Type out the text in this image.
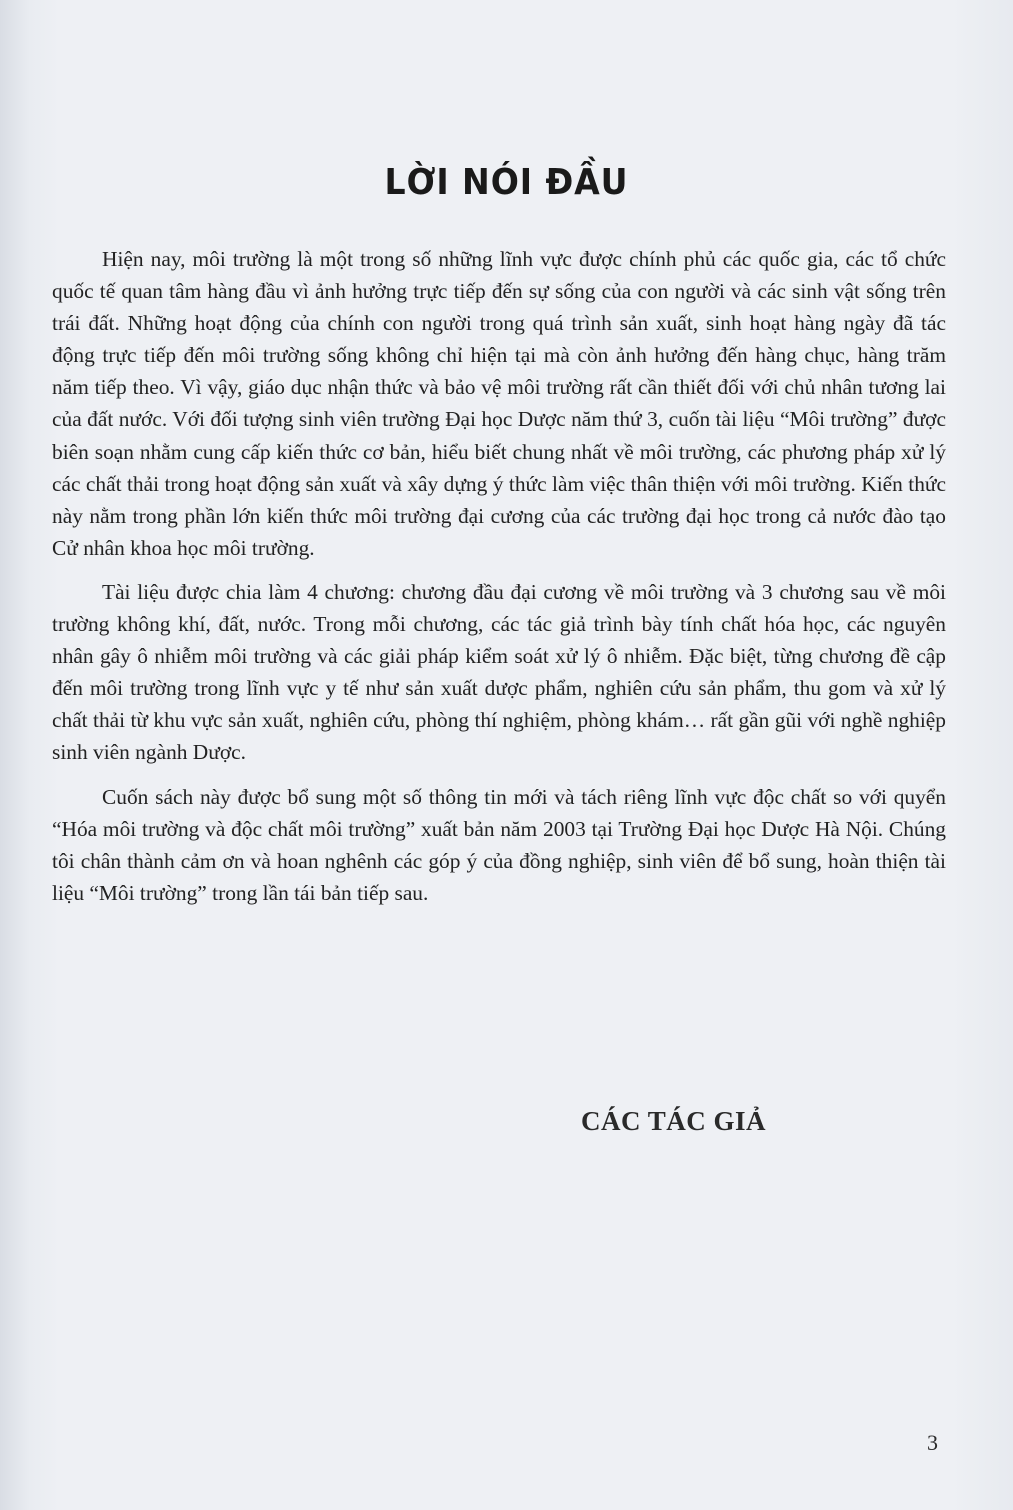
LỜI NÓI ĐẦU

Hiện nay, môi trường là một trong số những lĩnh vực được chính phủ các quốc gia, các tổ chức quốc tế quan tâm hàng đầu vì ảnh hưởng trực tiếp đến sự sống của con người và các sinh vật sống trên trái đất. Những hoạt động của chính con người trong quá trình sản xuất, sinh hoạt hàng ngày đã tác động trực tiếp đến môi trường sống không chỉ hiện tại mà còn ảnh hưởng đến hàng chục, hàng trăm năm tiếp theo. Vì vậy, giáo dục nhận thức và bảo vệ môi trường rất cần thiết đối với chủ nhân tương lai của đất nước. Với đối tượng sinh viên trường Đại học Dược năm thứ 3, cuốn tài liệu “Môi trường” được biên soạn nhằm cung cấp kiến thức cơ bản, hiểu biết chung nhất về môi trường, các phương pháp xử lý các chất thải trong hoạt động sản xuất và xây dựng ý thức làm việc thân thiện với môi trường. Kiến thức này nằm trong phần lớn kiến thức môi trường đại cương của các trường đại học trong cả nước đào tạo Cử nhân khoa học môi trường.

Tài liệu được chia làm 4 chương: chương đầu đại cương về môi trường và 3 chương sau về môi trường không khí, đất, nước. Trong mỗi chương, các tác giả trình bày tính chất hóa học, các nguyên nhân gây ô nhiễm môi trường và các giải pháp kiểm soát xử lý ô nhiễm. Đặc biệt, từng chương đề cập đến môi trường trong lĩnh vực y tế như sản xuất dược phẩm, nghiên cứu sản phẩm, thu gom và xử lý chất thải từ khu vực sản xuất, nghiên cứu, phòng thí nghiệm, phòng khám… rất gần gũi với nghề nghiệp sinh viên ngành Dược.

Cuốn sách này được bổ sung một số thông tin mới và tách riêng lĩnh vực độc chất so với quyển “Hóa môi trường và độc chất môi trường” xuất bản năm 2003 tại Trường Đại học Dược Hà Nội. Chúng tôi chân thành cảm ơn và hoan nghênh các góp ý của đồng nghiệp, sinh viên để bổ sung, hoàn thiện tài liệu “Môi trường” trong lần tái bản tiếp sau.

CÁC TÁC GIẢ
3
